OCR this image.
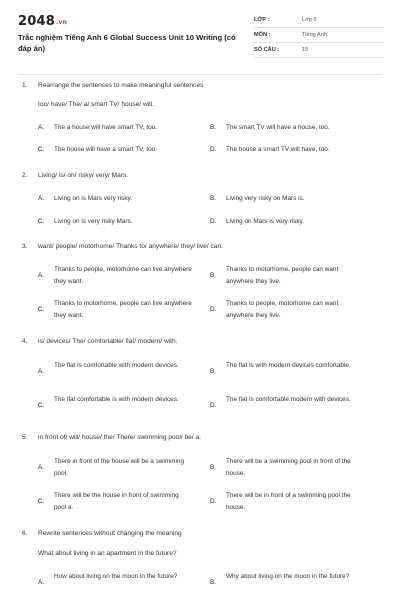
2048.vn
Trắc nghiệm Tiếng Anh 6 Global Success Unit 10 Writing (có đáp án)
LỚP :	Lớp 6
MÔN :	Tiếng Anh
SỐ CÂU :	15
1. Rearrange the sentences to make meaningful sentences
too/ have/ The/ a/ smart TV/ house/ will.
A. The a house will have smart TV, too.	B. The smart TV will have a house, too.
C. The house will have a smart TV, too.	D. The house a smart TV will have, too.
2. Living/ is/ on/ risky/ very/ Mars.
A. Living on is Mars very risky.	B. Living very risky on Mars is.
C. Living on is very risky Mars.	D. Living on Mars is very risky.
3. want/ people/ motorhome/ Thanks to/ anywhere/ they/ live/ can.
A.
Thanks to people, motorhome can live anywhere they want.
B.
Thanks to motorhome, people can want anywhere they live.
C.
Thanks to motorhome, people can live anywhere they want.
D.
Thanks to people, motorhome can want anywhere they live.
4. is/ devices/ The/ comfortable/ flat/ modern/ with.
A.
The flat is comfortable with modern devices.
B.
The flat is with modern devices comfortable.
C.
The flat comfortable is with modern devices.
D.
The flat is comfortable modern with devices.
5. in front of/ will/ house/ the/ There/ swimming pool/ be/ a.
A.
There in front of the house will be a swimming pool.
B.
There will be a swimming pool in front of the house.
C.
There will be the house in front of swimming pool a.
D.
There will be in front of a swimming pool the house.
6. Rewrite sentences without changing the meaning
What about living in an apartment in the future?
A.
How about living on the moon in the future?
B.
Why about living on the moon in the future?
